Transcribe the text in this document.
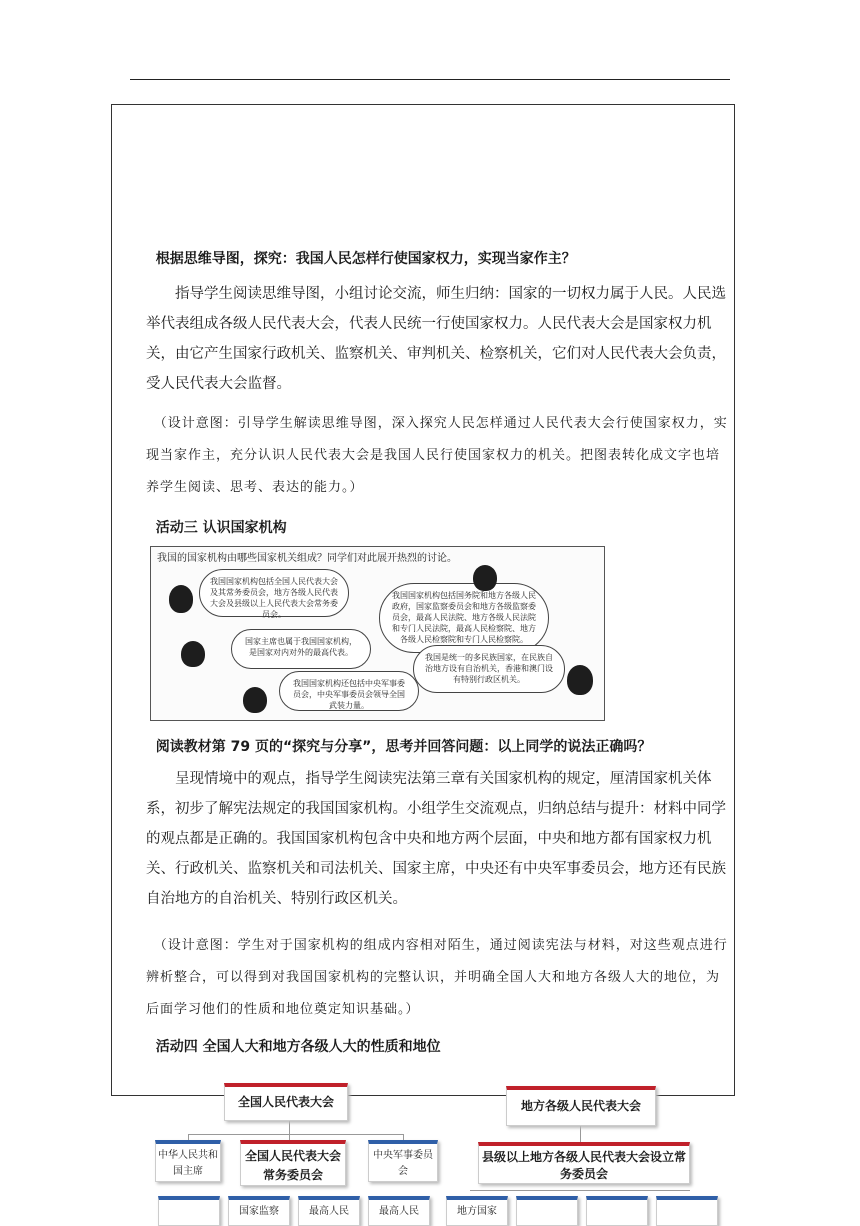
根据思维导图，探究：我国人民怎样行使国家权力，实现当家作主？

指导学生阅读思维导图，小组讨论交流，师生归纳：国家的一切权力属于人民。人民选举代表组成各级人民代表大会，代表人民统一行使国家权力。人民代表大会是国家权力机关，由它产生国家行政机关、监察机关、审判机关、检察机关，它们对人民代表大会负责，受人民代表大会监督。

（设计意图：引导学生解读思维导图，深入探究人民怎样通过人民代表大会行使国家权力，实现当家作主，充分认识人民代表大会是我国人民行使国家权力的机关。把图表转化成文字也培养学生阅读、思考、表达的能力。）

活动三 认识国家机构

我国的国家机构由哪些国家机关组成？同学们对此展开热烈的讨论。
我国国家机构包括全国人民代表大会及其常务委员会，地方各级人民代表大会及县级以上人民代表大会常务委员会。
我国国家机构包括国务院和地方各级人民政府，国家监察委员会和地方各级监察委员会，最高人民法院、地方各级人民法院和专门人民法院，最高人民检察院、地方各级人民检察院和专门人民检察院。
国家主席也属于我国国家机构，是国家对内对外的最高代表。
我国是统一的多民族国家，在民族自治地方设有自治机关，香港和澳门设有特别行政区机关。
我国国家机构还包括中央军事委员会，中央军事委员会领导全国武装力量。

阅读教材第 79 页的“探究与分享”，思考并回答问题：以上同学的说法正确吗？

呈现情境中的观点，指导学生阅读宪法第三章有关国家机构的规定，厘清国家机关体系，初步了解宪法规定的我国国家机构。小组学生交流观点，归纳总结与提升：材料中同学的观点都是正确的。我国国家机构包含中央和地方两个层面，中央和地方都有国家权力机关、行政机关、监察机关和司法机关、国家主席，中央还有中央军事委员会，地方还有民族自治地方的自治机关、特别行政区机关。

（设计意图：学生对于国家机构的组成内容相对陌生，通过阅读宪法与材料，对这些观点进行辨析整合，可以得到对我国国家机构的完整认识，并明确全国人大和地方各级人大的地位，为后面学习他们的性质和地位奠定知识基础。）

活动四 全国人大和地方各级人大的性质和地位

全国人民代表大会
全国人民代表大会常务委员会
中华人民共和国主席
中央军事委员会
国家监察	最高人民	最高人民
地方各级人民代表大会
县级以上地方各级人民代表大会设立常务委员会
地方国家
